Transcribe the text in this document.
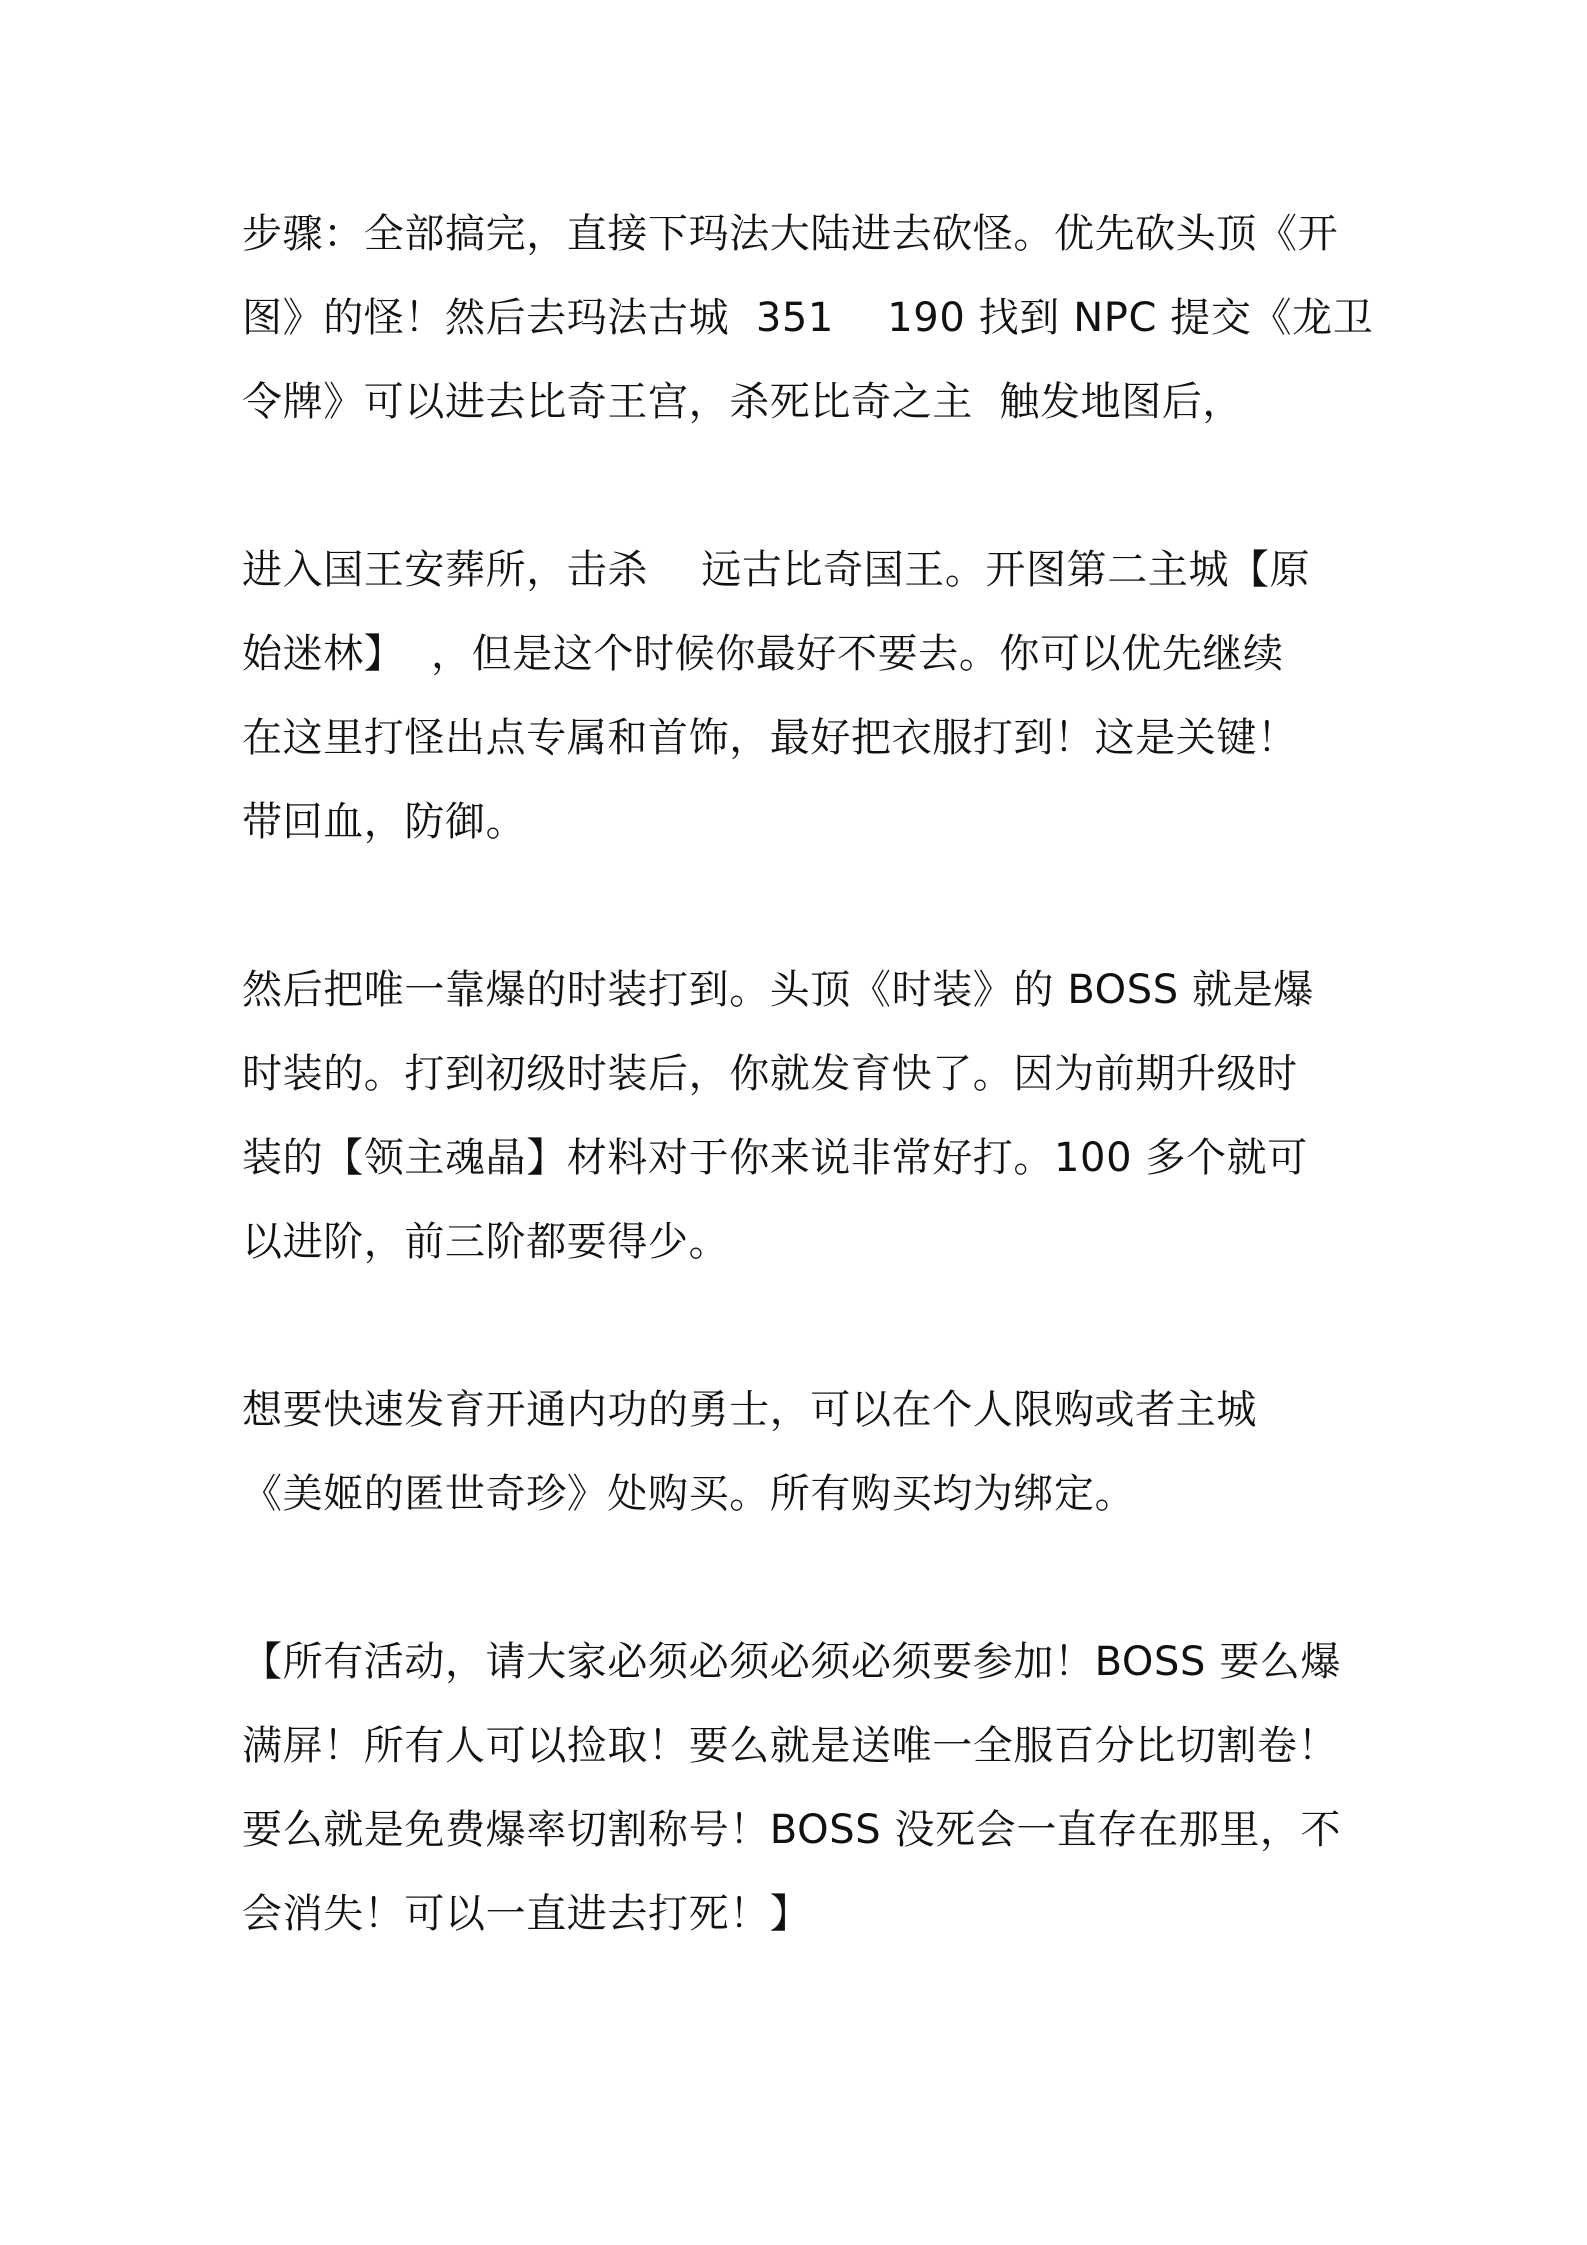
步骤：全部搞完，直接下玛法大陆进去砍怪。优先砍头顶《开
图》的怪！然后去玛法古城  351    190 找到 NPC 提交《龙卫
令牌》可以进去比奇王宫，杀死比奇之主  触发地图后，
进入国王安葬所，击杀    远古比奇国王。开图第二主城【原
始迷林】  ，但是这个时候你最好不要去。你可以优先继续
在这里打怪出点专属和首饰，最好把衣服打到！这是关键！
带回血，防御。
然后把唯一靠爆的时装打到。头顶《时装》的 BOSS 就是爆
时装的。打到初级时装后，你就发育快了。因为前期升级时
装的【领主魂晶】材料对于你来说非常好打。100 多个就可
以进阶，前三阶都要得少。
想要快速发育开通内功的勇士，可以在个人限购或者主城
《美姬的匿世奇珍》处购买。所有购买均为绑定。
【所有活动，请大家必须必须必须必须要参加！BOSS 要么爆
满屏！所有人可以捡取！要么就是送唯一全服百分比切割卷！
要么就是免费爆率切割称号！BOSS 没死会一直存在那里，不
会消失！可以一直进去打死！】
